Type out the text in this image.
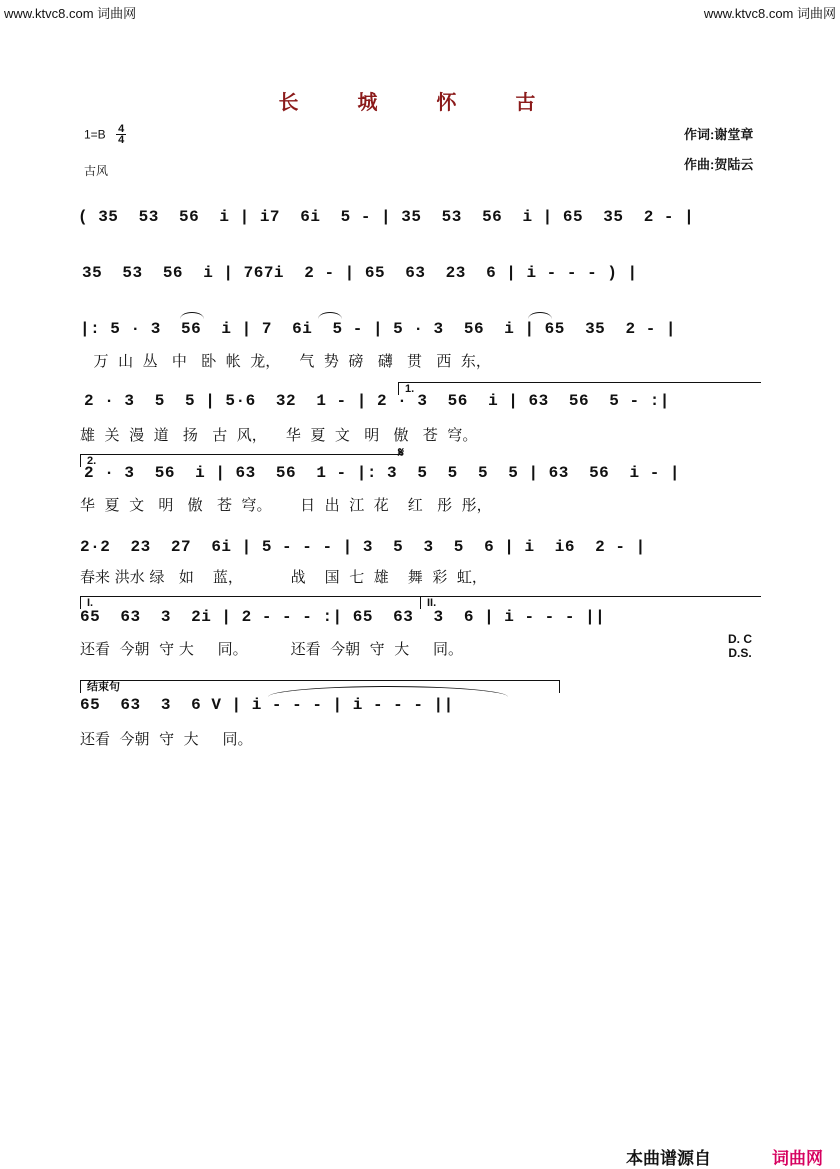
www.ktvc8.com 词曲网	www.ktvc8.com 词曲网
长 城 怀 古
$1=B \frac{4}{4}$
古风
作词:谢堂章
作曲:贺陆云
( 35  53  56  i | i7  6i  5 - | 35  53  56  i | 65  35  2 - |
35  53  56  i | 767i  2 - | 65  63  23  6 | i - - - ) |
|: 5 · 3  56  i | 7  6i  5 - | 5 · 3  56  i | 65  35  2 - |
万  山  丛   中   卧  帐  龙，    气  势  磅   礴   贯   西  东，
1.
2 · 3  5  5 | 5·6  32  1 - | 2 · 3  56  i | 63  56  5 - :|
雄  关  漫  道   扬   古  风，    华  夏  文   明   傲   苍  穹。
2.
𝄋
2 · 3  56  i | 63  56  1 - |: 3  5  5  5  5 | 63  56  i - |
华  夏  文   明   傲   苍  穹。      日  出  江  花    红   彤  彤，
2·2  23  27  6i | 5 - - - | 3  5  3  5  6 | i  i6  2 - |
春来 洪水 绿   如    蓝，          战    国  七  雄    舞  彩  虹，
I.	II.
65  63  3  2i | 2 - - - :| 65  63  3  6 | i - - - ||
还看  今朝  守 大     同。         还看  今朝  守  大     同。
D. C
D.S.
结束句
65  63  3  6 V | i - - - | i - - - ||
还看  今朝  守  大     同。
本曲谱源自	词曲网
